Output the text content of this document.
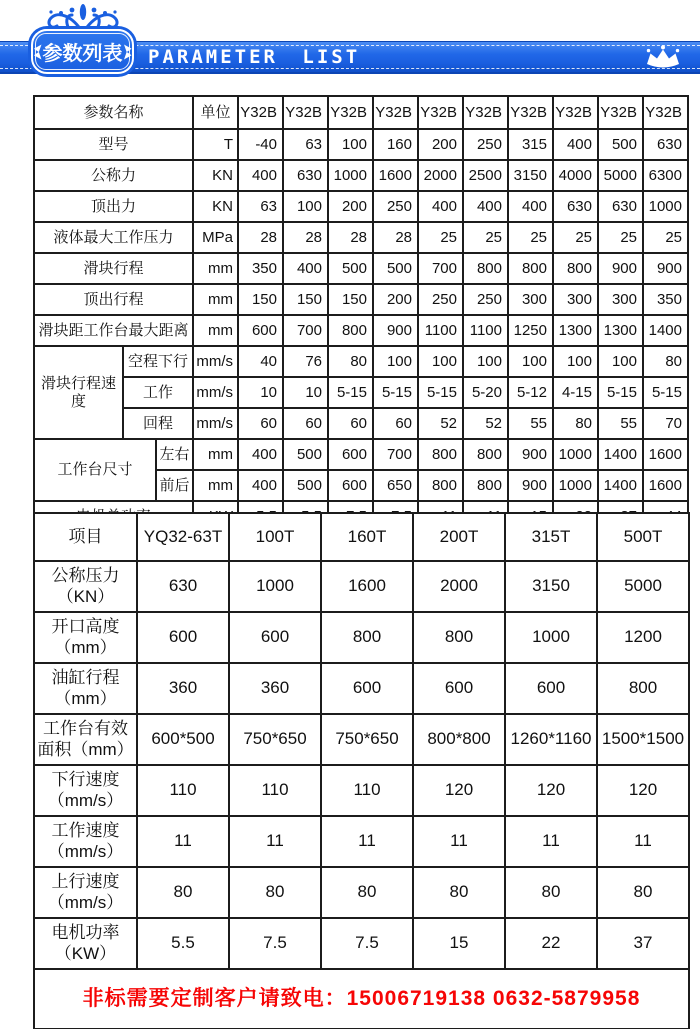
PARAMETER LIST
参数列表
参数名称			单位	Y32B	Y32B	Y32B	Y32B	Y32B	Y32B	Y32B	Y32B	Y32B	Y32B
型号			T	-40	63	100	160	200	250	315	400	500	630
公称力			KN	400	630	1000	1600	2000	2500	3150	4000	5000	6300
顶出力			KN	63	100	200	250	400	400	400	630	630	1000
液体最大工作压力			MPa	28	28	28	28	25	25	25	25	25	25
滑块行程			mm	350	400	500	500	700	800	800	800	900	900
顶出行程			mm	150	150	150	200	250	250	300	300	300	350
滑块距工作台最大距离			mm	600	700	800	900	1100	1100	1250	1300	1300	1400
滑块行程速度	空程下行		mm/s	40	76	80	100	100	100	100	100	100	80
	工作		mm/s	10	10	5-15	5-15	5-15	5-20	5-12	4-15	5-15	5-15
	回程		mm/s	60	60	60	60	52	52	55	80	55	70
工作台尺寸		左右	mm	400	500	600	700	800	800	900	1000	1400	1600
		前后	mm	400	500	600	650	800	800	900	1000	1400	1600

项目	YQ32-63T	100T	160T	200T	315T	500T

公称压力
（KN）	630	1000	1600	2000	3150	5000

开口高度
（mm）	600	600	800	800	1000	1200

油缸行程
（mm）	360	360	600	600	600	800

工作台有效
面积（mm）	600*500	750*650	750*650	800*800	1260*1160	1500*1500

下行速度
（mm/s）	110	110	110	120	120	120

工作速度
（mm/s）	11	11	11	11	11	11

上行速度
（mm/s）	80	80	80	80	80	80

电机功率
（KW）	5.5	7.5	7.5	15	22	37
非标需要定制客户请致电：15006719138 0632-5879958						
